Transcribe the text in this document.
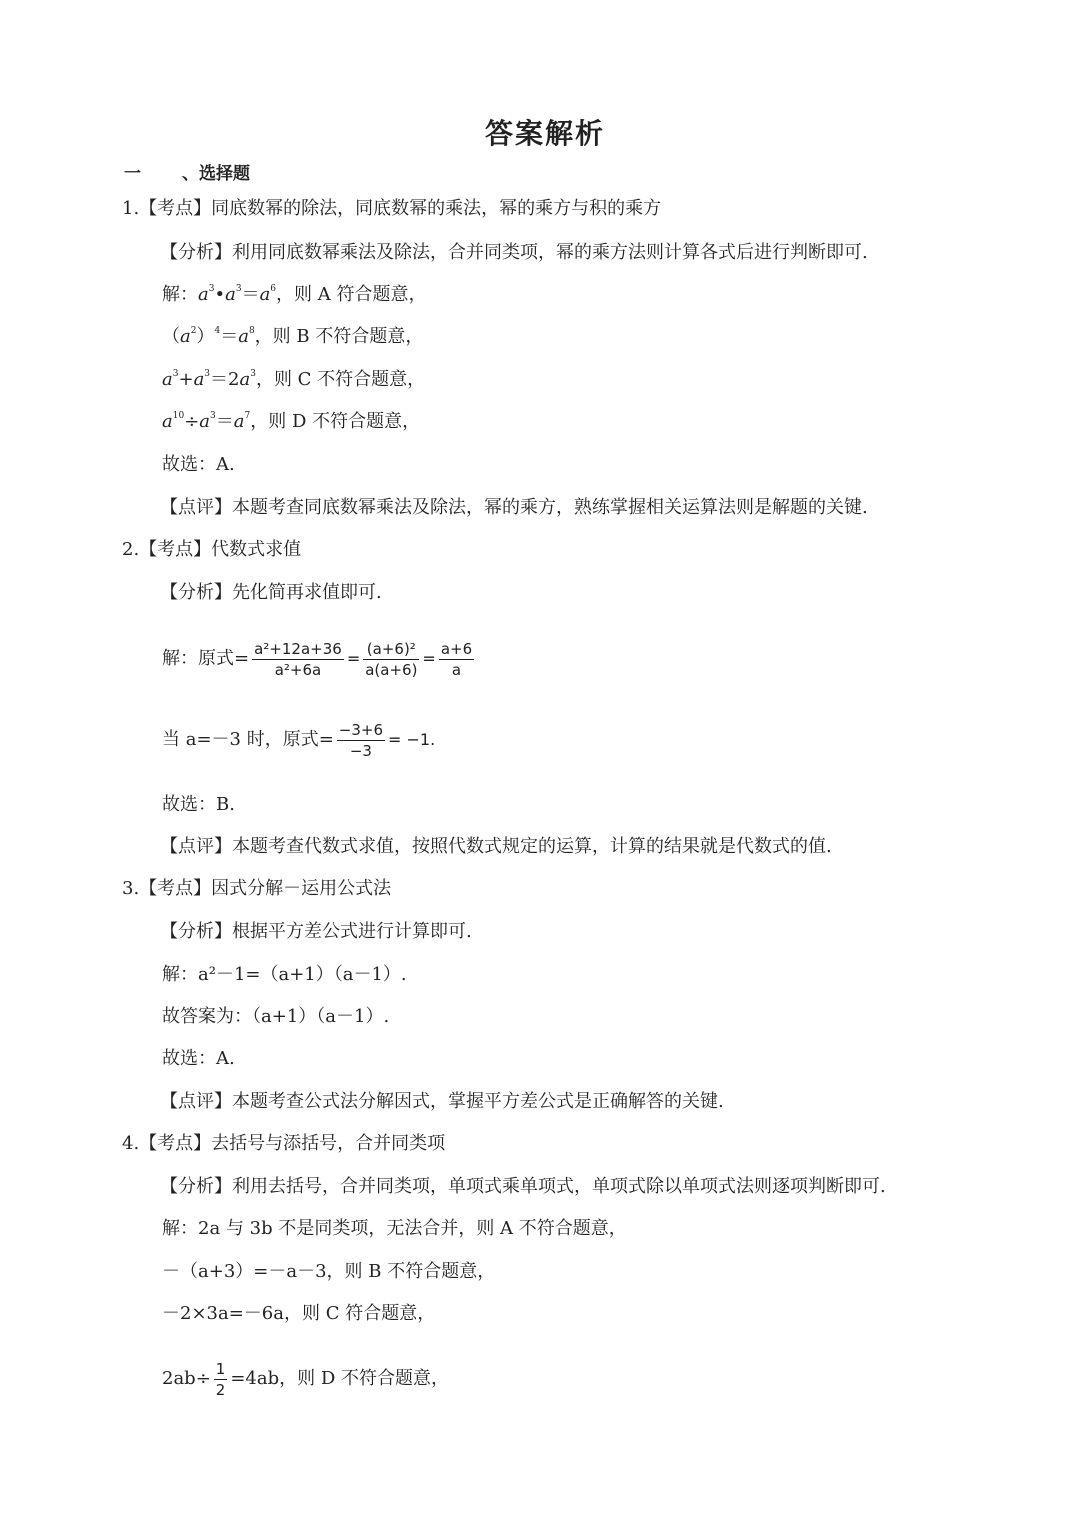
答案解析
一 、选择题
1.【考点】同底数幂的除法，同底数幂的乘法，幂的乘方与积的乘方
【分析】利用同底数幂乘法及除法，合并同类项，幂的乘方法则计算各式后进行判断即可.
解：$a^3•a^3=a^6$，则 A 符合题意，
$(a^2)^4=a^8$，则 B 不符合题意，
$a^3+a^3=2a^3$，则 C 不符合题意，
$a^{10}\div a^3=a^7$，则 D 不符合题意，
故选：A.
【点评】本题考查同底数幂乘法及除法，幂的乘方，熟练掌握相关运算法则是解题的关键.
2.【考点】代数式求值
【分析】先化简再求值即可.
解：原式= $\frac{\text{a²+12a+36}}{\text{a²+6a}} = \frac{\text{(a+6)²}}{a(a+6)} = \frac{a+6}{a}$
当 a=－3 时，原式= $\frac{-3+6}{-3} = -1$.
故选：B.
【点评】本题考查代数式求值，按照代数式规定的运算，计算的结果就是代数式的值.
3.【考点】因式分解－运用公式法
【分析】根据平方差公式进行计算即可.
解：a²－1=（a+1）（a－1）.
故答案为：（a+1）（a－1）.
故选：A.
【点评】本题考查公式法分解因式，掌握平方差公式是正确解答的关键.
4.【考点】去括号与添括号，合并同类项
【分析】利用去括号，合并同类项，单项式乘单项式，单项式除以单项式法则逐项判断即可.
解：2a 与 3b 不是同类项，无法合并，则 A 不符合题意，
－（a+3）=－a－3，则 B 不符合题意，
－2×3a=－6a，则 C 符合题意，
$2ab\div \frac{1}{2} =4ab$，则 D 不符合题意，
